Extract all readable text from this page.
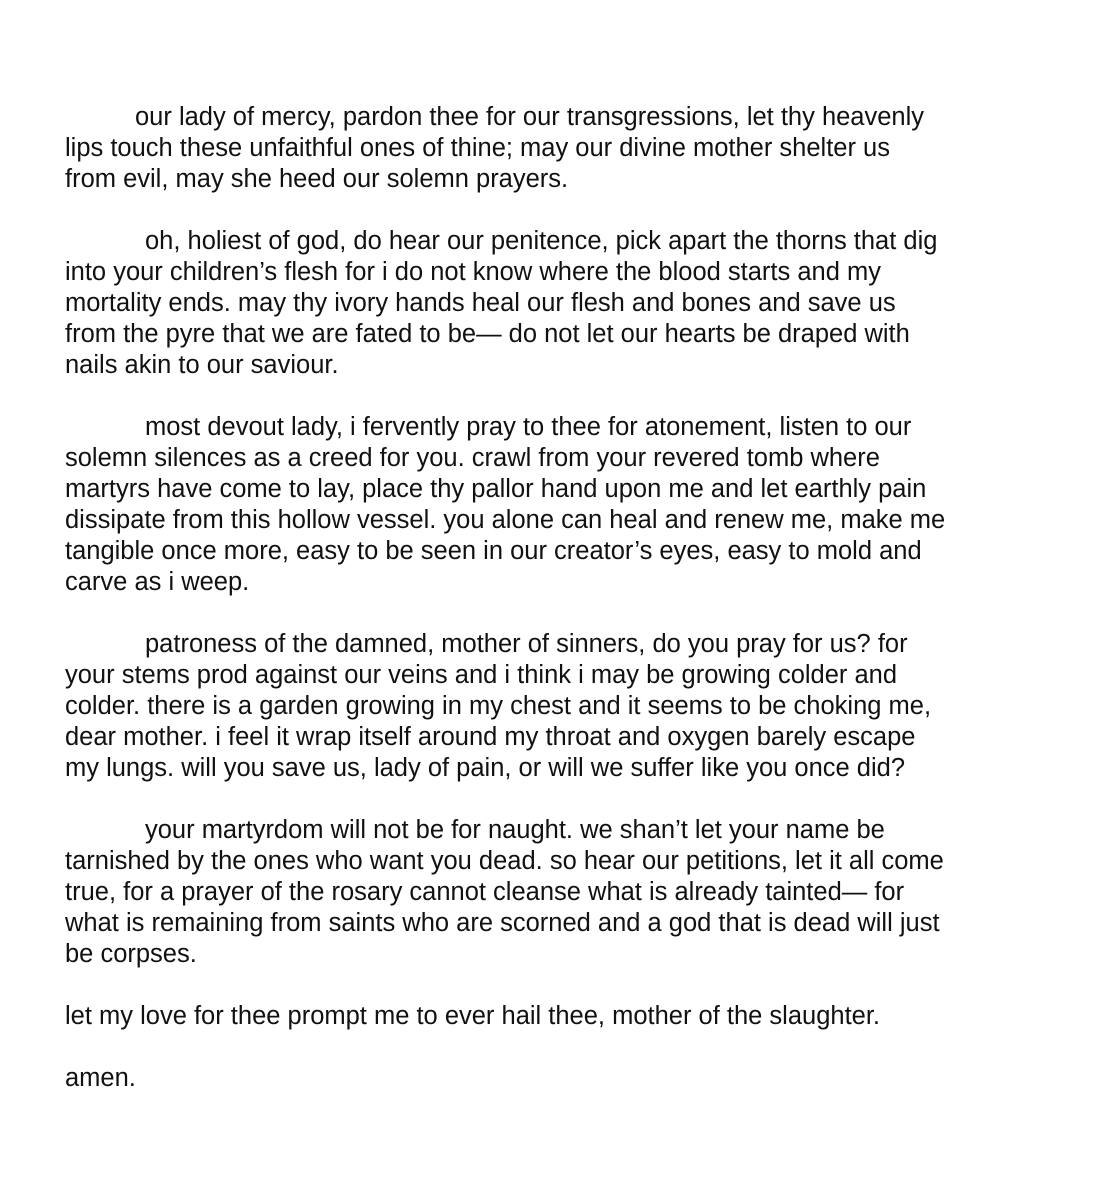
our lady of mercy, pardon thee for our transgressions, let thy heavenly

lips touch these unfaithful ones of thine; may our divine mother shelter us

from evil, may she heed our solemn prayers.

oh, holiest of god, do hear our penitence, pick apart the thorns that dig

into your children’s flesh for i do not know where the blood starts and my

mortality ends. may thy ivory hands heal our flesh and bones and save us

from the pyre that we are fated to be— do not let our hearts be draped with

nails akin to our saviour.

most devout lady, i fervently pray to thee for atonement, listen to our

solemn silences as a creed for you. crawl from your revered tomb where

martyrs have come to lay, place thy pallor hand upon me and let earthly pain

dissipate from this hollow vessel. you alone can heal and renew me, make me

tangible once more, easy to be seen in our creator’s eyes, easy to mold and

carve as i weep.

patroness of the damned, mother of sinners, do you pray for us? for

your stems prod against our veins and i think i may be growing colder and

colder. there is a garden growing in my chest and it seems to be choking me,

dear mother. i feel it wrap itself around my throat and oxygen barely escape

my lungs. will you save us, lady of pain, or will we suffer like you once did?

your martyrdom will not be for naught. we shan’t let your name be

tarnished by the ones who want you dead. so hear our petitions, let it all come

true, for a prayer of the rosary cannot cleanse what is already tainted— for

what is remaining from saints who are scorned and a god that is dead will just

be corpses.

let my love for thee prompt me to ever hail thee, mother of the slaughter.

amen.
